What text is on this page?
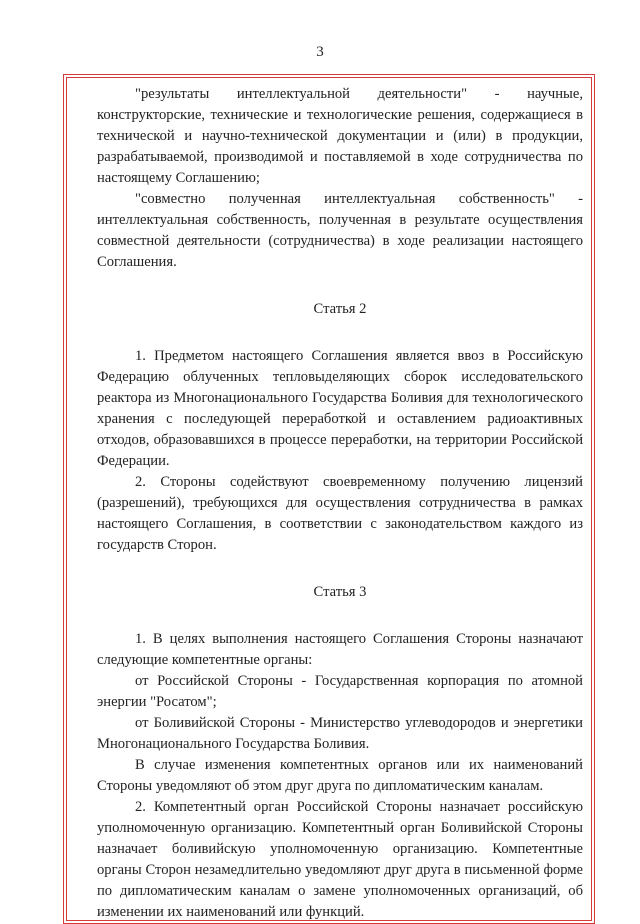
3

"результаты интеллектуальной деятельности" - научные, конструкторские, технические и технологические решения, содержащиеся в технической и научно-технической документации и (или) в продукции, разрабатываемой, производимой и поставляемой в ходе сотрудничества по настоящему Соглашению;

"совместно полученная интеллектуальная собственность" - интеллектуальная собственность, полученная в результате осуществления совместной деятельности (сотрудничества) в ходе реализации настоящего Соглашения.

Статья 2

1. Предметом настоящего Соглашения является ввоз в Российскую Федерацию облученных тепловыделяющих сборок исследовательского реактора из Многонационального Государства Боливия для технологического хранения с последующей переработкой и оставлением радиоактивных отходов, образовавшихся в процессе переработки, на территории Российской Федерации.

2. Стороны содействуют своевременному получению лицензий (разрешений), требующихся для осуществления сотрудничества в рамках настоящего Соглашения, в соответствии с законодательством каждого из государств Сторон.

Статья 3

1. В целях выполнения настоящего Соглашения Стороны назначают следующие компетентные органы:

от Российской Стороны - Государственная корпорация по атомной энергии "Росатом";

от Боливийской Стороны - Министерство углеводородов и энергетики Многонационального Государства Боливия.

В случае изменения компетентных органов или их наименований Стороны уведомляют об этом друг друга по дипломатическим каналам.

2. Компетентный орган Российской Стороны назначает российскую уполномоченную организацию. Компетентный орган Боливийской Стороны назначает боливийскую уполномоченную организацию. Компетентные органы Сторон незамедлительно уведомляют друг друга в письменной форме по дипломатическим каналам о замене уполномоченных организаций, об изменении их наименований или функций.
